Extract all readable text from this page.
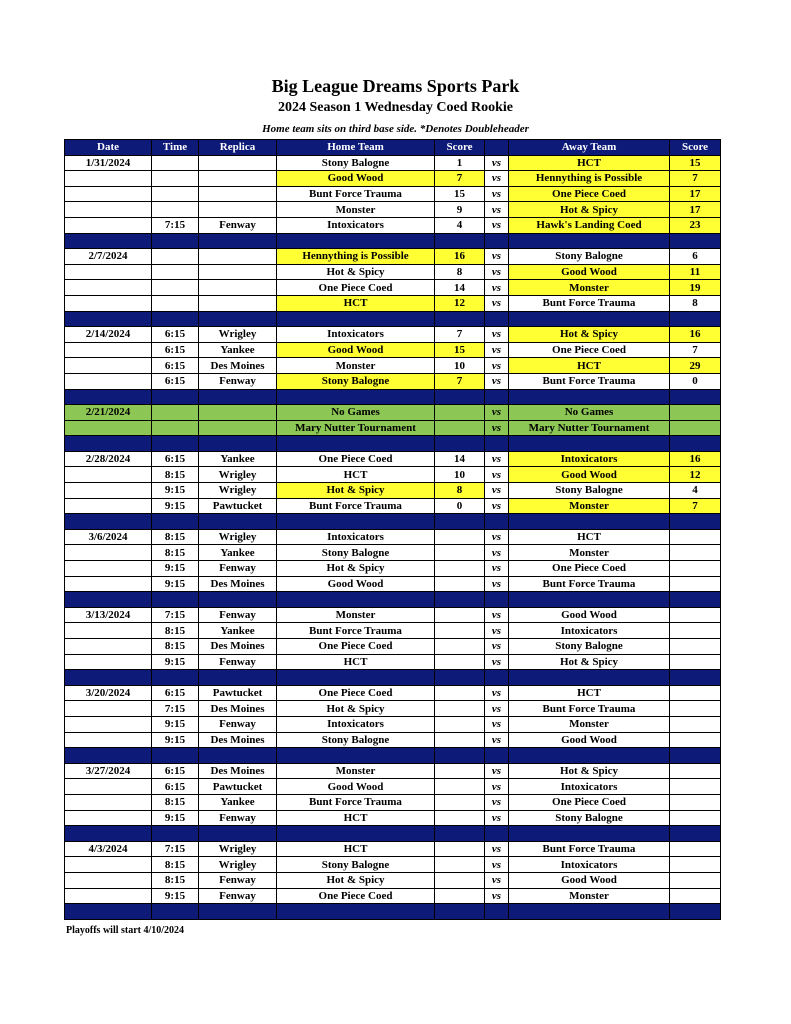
Big League Dreams Sports Park
2024 Season 1 Wednesday Coed Rookie
Home team sits on third base side. *Denotes Doubleheader
Date	Time	Replica	Home Team	Score		Away Team	Score
1/31/2024			Stony Balogne	1	vs	HCT	15
			Good Wood	7	vs	Hennything is Possible	7
			Bunt Force Trauma	15	vs	One Piece Coed	17
			Monster	9	vs	Hot & Spicy	17
	7:15	Fenway	Intoxicators	4	vs	Hawk's Landing Coed	23

2/7/2024			Hennything is Possible	16	vs	Stony Balogne	6
			Hot & Spicy	8	vs	Good Wood	11
			One Piece Coed	14	vs	Monster	19
			HCT	12	vs	Bunt Force Trauma	8

2/14/2024	6:15	Wrigley	Intoxicators	7	vs	Hot & Spicy	16
	6:15	Yankee	Good Wood	15	vs	One Piece Coed	7
	6:15	Des Moines	Monster	10	vs	HCT	29
	6:15	Fenway	Stony Balogne	7	vs	Bunt Force Trauma	0

2/21/2024			No Games		vs	No Games	
			Mary Nutter Tournament		vs	Mary Nutter Tournament	

2/28/2024	6:15	Yankee	One Piece Coed	14	vs	Intoxicators	16
	8:15	Wrigley	HCT	10	vs	Good Wood	12
	9:15	Wrigley	Hot & Spicy	8	vs	Stony Balogne	4
	9:15	Pawtucket	Bunt Force Trauma	0	vs	Monster	7

3/6/2024	8:15	Wrigley	Intoxicators		vs	HCT	
	8:15	Yankee	Stony Balogne		vs	Monster	
	9:15	Fenway	Hot & Spicy		vs	One Piece Coed	
	9:15	Des Moines	Good Wood		vs	Bunt Force Trauma	

3/13/2024	7:15	Fenway	Monster		vs	Good Wood	
	8:15	Yankee	Bunt Force Trauma		vs	Intoxicators	
	8:15	Des Moines	One Piece Coed		vs	Stony Balogne	
	9:15	Fenway	HCT		vs	Hot & Spicy	

3/20/2024	6:15	Pawtucket	One Piece Coed		vs	HCT	
	7:15	Des Moines	Hot & Spicy		vs	Bunt Force Trauma	
	9:15	Fenway	Intoxicators		vs	Monster	
	9:15	Des Moines	Stony Balogne		vs	Good Wood	

3/27/2024	6:15	Des Moines	Monster		vs	Hot & Spicy	
	6:15	Pawtucket	Good Wood		vs	Intoxicators	
	8:15	Yankee	Bunt Force Trauma		vs	One Piece Coed	
	9:15	Fenway	HCT		vs	Stony Balogne	

4/3/2024	7:15	Wrigley	HCT		vs	Bunt Force Trauma	
	8:15	Wrigley	Stony Balogne		vs	Intoxicators	
	8:15	Fenway	Hot & Spicy		vs	Good Wood	
	9:15	Fenway	One Piece Coed		vs	Monster	

Playoffs will start 4/10/2024
